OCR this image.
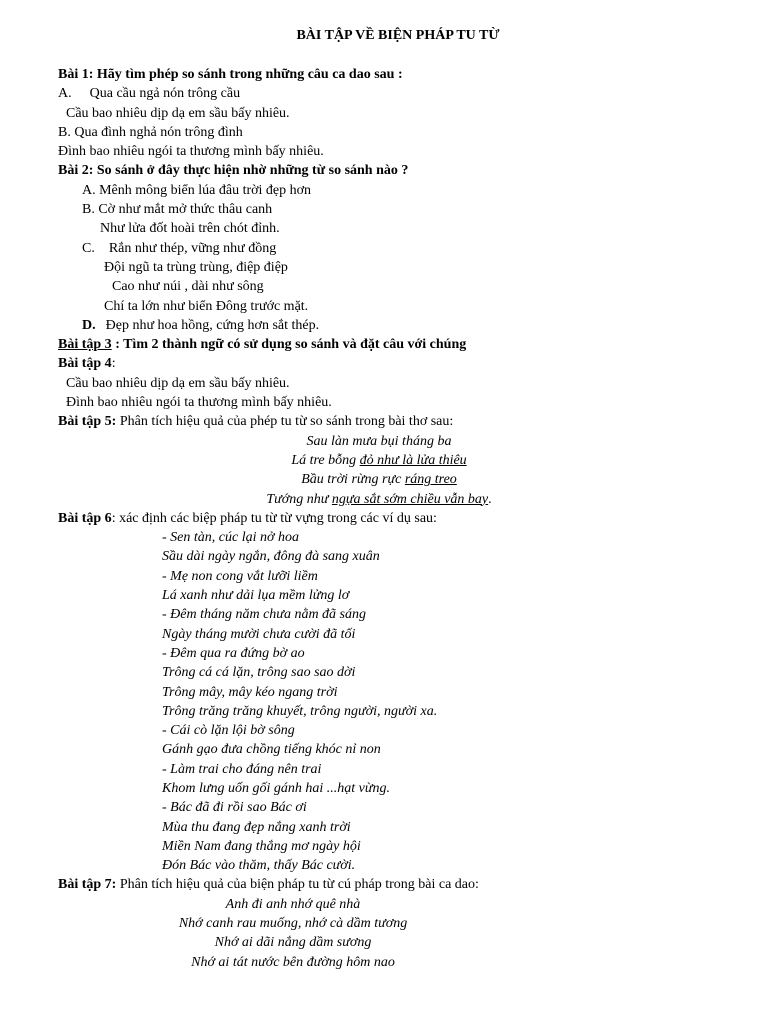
BÀI TẬP VỀ BIỆN PHÁP TU TỪ
Bài 1: Hãy tìm phép so sánh trong những câu ca dao sau :
A. Qua cầu ngả nón trông cầu
Cầu bao nhiêu dịp dạ em sầu bấy nhiêu.
B. Qua đình nghả nón trông đình
Đình bao nhiêu ngói ta thương mình bấy nhiêu.
Bài 2: So sánh ở đây thực hiện nhờ những từ so sánh nào ?
A. Mênh mông biển lúa đâu trời đẹp hơn
B. Cờ như mắt mở thức thâu canh
Như lửa đốt hoài trên chót đỉnh.
C. Rắn như thép, vững như đồng
Đội ngũ ta trùng trùng, điệp điệp
Cao như núi , dài như sông
Chí ta lớn như biển Đông trước mặt.
D. Đẹp như hoa hồng, cứng hơn sắt thép.
Bài tập 3 : Tìm 2 thành ngữ có sử dụng so sánh và đặt câu với chúng
Bài tập 4:
Cầu bao nhiêu dịp dạ em sầu bấy nhiêu.
Đình bao nhiêu ngói ta thương mình bấy nhiêu.
Bài tập 5: Phân tích hiệu quả của phép tu từ so sánh trong bài thơ sau:
Sau làn mưa bụi tháng ba
Lá tre bỗng đỏ như là lửa thiêu
Bầu trời rừng rực ráng treo
Tướng như ngựa sắt sớm chiều vẫn bay.
Bài tập 6: xác định các biệp pháp tu từ từ vựng trong các ví dụ sau:
- Sen tàn, cúc lại nở hoa
Sầu dài ngày ngắn, đông đà sang xuân
- Mẹ non cong vắt lưỡi liềm
Lá xanh như dải lụa mềm lửng lơ
- Đêm tháng năm chưa nằm đã sáng
Ngày tháng mười chưa cười đã tối
- Đêm qua ra đứng bờ ao
Trông cá cá lặn, trông sao sao dời
Trông mây, mây kéo ngang trời
Trông trăng trăng khuyết, trông người, người xa.
- Cái cò lặn lội bờ sông
Gánh gạo đưa chồng tiếng khóc nỉ non
- Làm trai cho đáng nên trai
Khom lưng uốn gối gánh hai ...hạt vừng.
- Bác đã đi rồi sao Bác ơi
Mùa thu đang đẹp nắng xanh trời
Miền Nam đang thắng mơ ngày hội
Đón Bác vào thăm, thấy Bác cười.
Bài tập 7: Phân tích hiệu quả của biện pháp tu từ cú pháp trong bài ca dao:
Anh đi anh nhớ quê nhà
Nhớ canh rau muống, nhớ cà dầm tương
Nhớ ai dãi nắng dầm sương
Nhớ ai tát nước bên đường hôm nao
